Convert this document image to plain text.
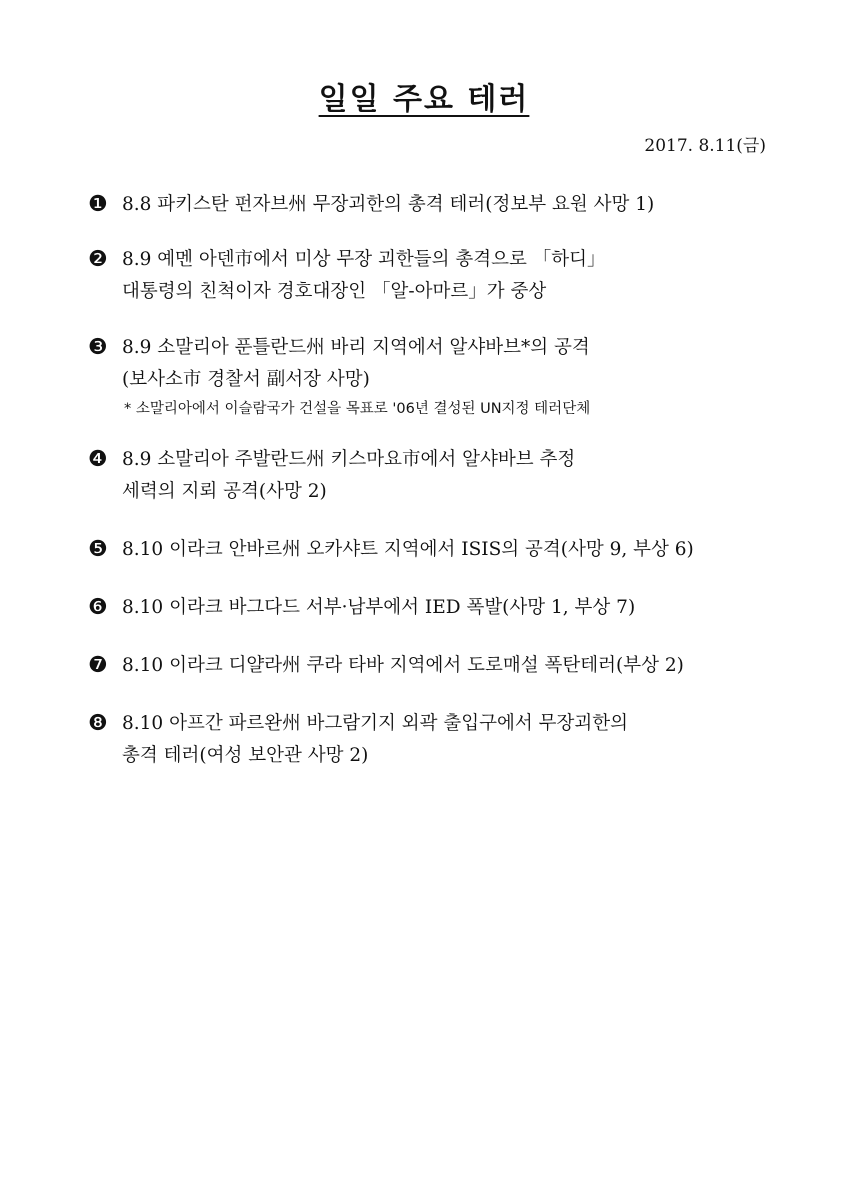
일일 주요 테러
2017. 8.11(금)
❶ 8.8 파키스탄 펀자브州 무장괴한의 총격 테러(정보부 요원 사망 1)
❷ 8.9 예멘 아덴市에서 미상 무장 괴한들의 총격으로 「하디」
대통령의 친척이자 경호대장인 「알-아마르」가 중상
❸ 8.9 소말리아 푼틀란드州 바리 지역에서 알샤바브*의 공격
(보사소市 경찰서 副서장 사망)
* 소말리아에서 이슬람국가 건설을 목표로 '06년 결성된 UN지정 테러단체
❹ 8.9 소말리아 주발란드州 키스마요市에서 알샤바브 추정
세력의 지뢰 공격(사망 2)
❺ 8.10 이라크 안바르州 오카샤트 지역에서 ISIS의 공격(사망 9, 부상 6)
❻ 8.10 이라크 바그다드 서부·남부에서 IED 폭발(사망 1, 부상 7)
❼ 8.10 이라크 디얄라州 쿠라 타바 지역에서 도로매설 폭탄테러(부상 2)
❽ 8.10 아프간 파르완州 바그람기지 외곽 출입구에서 무장괴한의
총격 테러(여성 보안관 사망 2)
